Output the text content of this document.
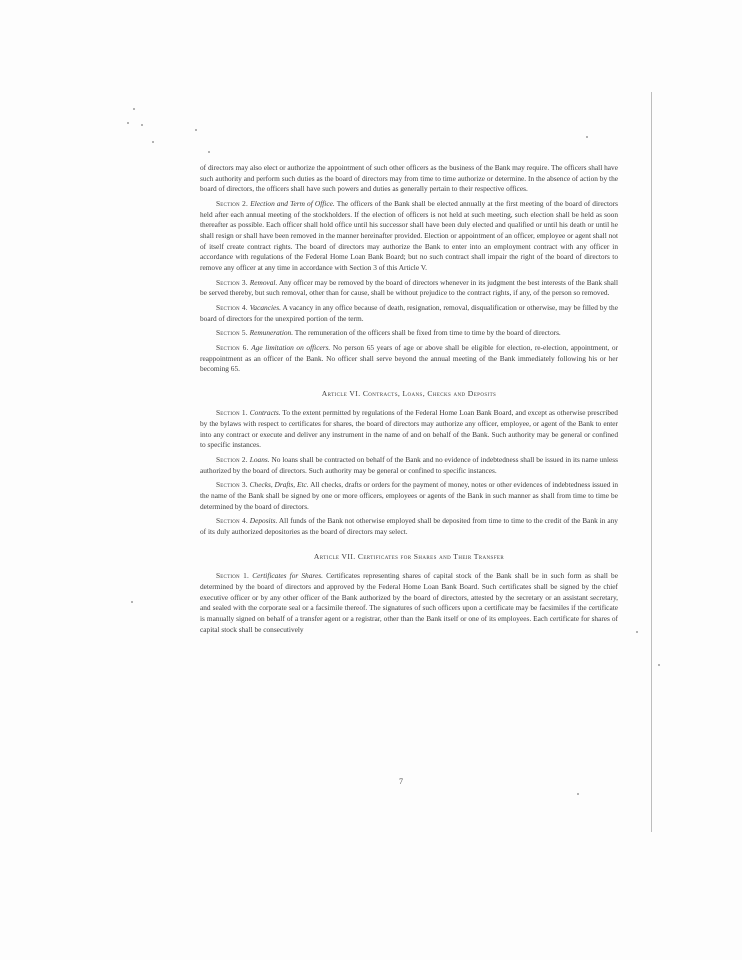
of directors may also elect or authorize the appointment of such other officers as the business of the Bank may require. The officers shall have such authority and perform such duties as the board of directors may from time to time authorize or determine. In the absence of action by the board of directors, the officers shall have such powers and duties as generally pertain to their respective offices.

Section 2. Election and Term of Office. The officers of the Bank shall be elected annually at the first meeting of the board of directors held after each annual meeting of the stockholders. If the election of officers is not held at such meeting, such election shall be held as soon thereafter as possible. Each officer shall hold office until his successor shall have been duly elected and qualified or until his death or until he shall resign or shall have been removed in the manner hereinafter provided. Election or appointment of an officer, employee or agent shall not of itself create contract rights. The board of directors may authorize the Bank to enter into an employment contract with any officer in accordance with regulations of the Federal Home Loan Bank Board; but no such contract shall impair the right of the board of directors to remove any officer at any time in accordance with Section 3 of this Article V.

Section 3. Removal. Any officer may be removed by the board of directors whenever in its judgment the best interests of the Bank shall be served thereby, but such removal, other than for cause, shall be without prejudice to the contract rights, if any, of the person so removed.

Section 4. Vacancies. A vacancy in any office because of death, resignation, removal, disqualification or otherwise, may be filled by the board of directors for the unexpired portion of the term.

Section 5. Remuneration. The remuneration of the officers shall be fixed from time to time by the board of directors.

Section 6. Age limitation on officers. No person 65 years of age or above shall be eligible for election, re-election, appointment, or reappointment as an officer of the Bank. No officer shall serve beyond the annual meeting of the Bank immediately following his or her becoming 65.

Article VI. Contracts, Loans, Checks and Deposits

Section 1. Contracts. To the extent permitted by regulations of the Federal Home Loan Bank Board, and except as otherwise prescribed by the bylaws with respect to certificates for shares, the board of directors may authorize any officer, employee, or agent of the Bank to enter into any contract or execute and deliver any instrument in the name of and on behalf of the Bank. Such authority may be general or confined to specific instances.

Section 2. Loans. No loans shall be contracted on behalf of the Bank and no evidence of indebtedness shall be issued in its name unless authorized by the board of directors. Such authority may be general or confined to specific instances.

Section 3. Checks, Drafts, Etc. All checks, drafts or orders for the payment of money, notes or other evidences of indebtedness issued in the name of the Bank shall be signed by one or more officers, employees or agents of the Bank in such manner as shall from time to time be determined by the board of directors.

Section 4. Deposits. All funds of the Bank not otherwise employed shall be deposited from time to time to the credit of the Bank in any of its duly authorized depositories as the board of directors may select.

Article VII. Certificates for Shares and Their Transfer

Section 1. Certificates for Shares. Certificates representing shares of capital stock of the Bank shall be in such form as shall be determined by the board of directors and approved by the Federal Home Loan Bank Board. Such certificates shall be signed by the chief executive officer or by any other officer of the Bank authorized by the board of directors, attested by the secretary or an assistant secretary, and sealed with the corporate seal or a facsimile thereof. The signatures of such officers upon a certificate may be facsimiles if the certificate is manually signed on behalf of a transfer agent or a registrar, other than the Bank itself or one of its employees. Each certificate for shares of capital stock shall be consecutively

7
